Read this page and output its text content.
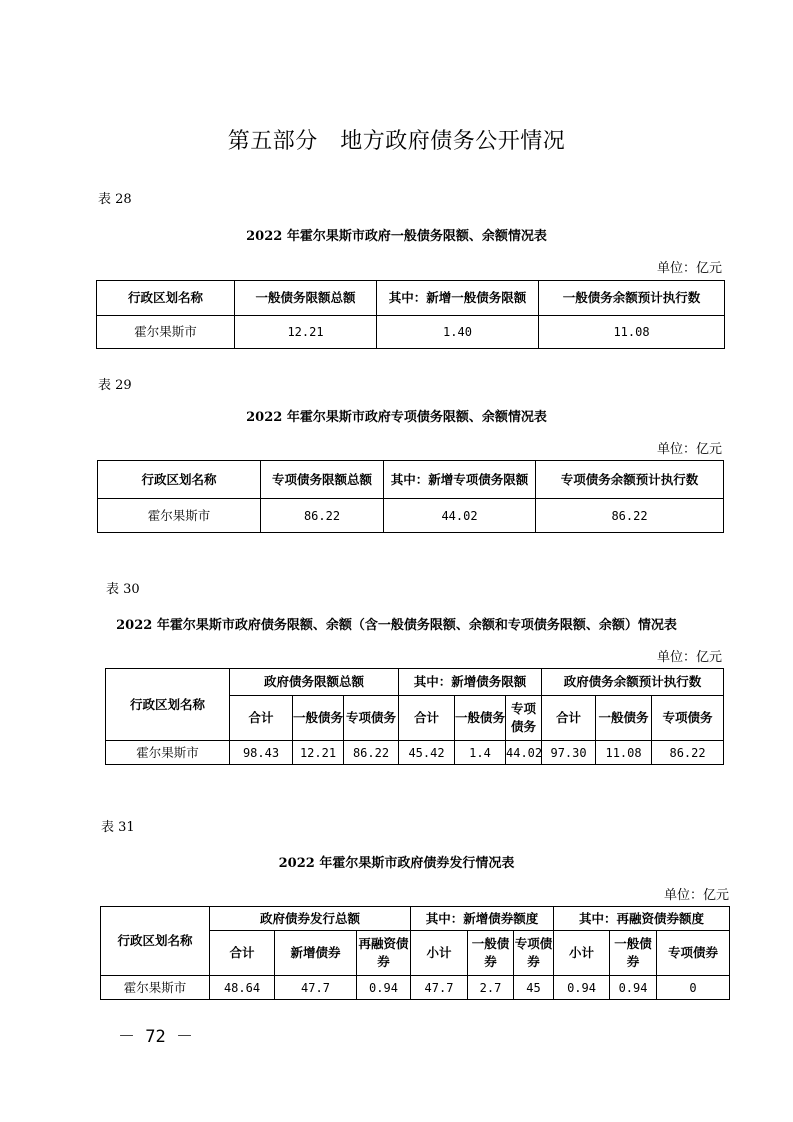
第五部分　地方政府债务公开情况
表 28
2022 年霍尔果斯市政府一般债务限额、余额情况表
单位：亿元
行政区划名称	一般债务限额总额	其中：新增一般债务限额	一般债务余额预计执行数
霍尔果斯市	12.21	1.40	11.08
表 29
2022 年霍尔果斯市政府专项债务限额、余额情况表
单位：亿元
行政区划名称	专项债务限额总额	其中：新增专项债务限额	专项债务余额预计执行数
霍尔果斯市	86.22	44.02	86.22
表 30
2022 年霍尔果斯市政府债务限额、余额（含一般债务限额、余额和专项债务限额、余额）情况表
单位：亿元
行政区划名称	政府债务限额总额			其中：新增债务限额			政府债务余额预计执行数		
	合计	一般债务	专项债务	合计	一般债务	专项债务	合计	一般债务	专项债务
霍尔果斯市	98.43	12.21	86.22	45.42	1.4	44.02	97.30	11.08	86.22
表 31
2022 年霍尔果斯市政府债券发行情况表
单位：亿元
行政区划名称	政府债券发行总额			其中：新增债券额度			其中：再融资债券额度		
	合计	新增债券	再融资债券	小计	一般债券	专项债券	小计	一般债券	专项债券
霍尔果斯市	48.64	47.7	0.94	47.7	2.7	45	0.94	0.94	0
－ 72 －
